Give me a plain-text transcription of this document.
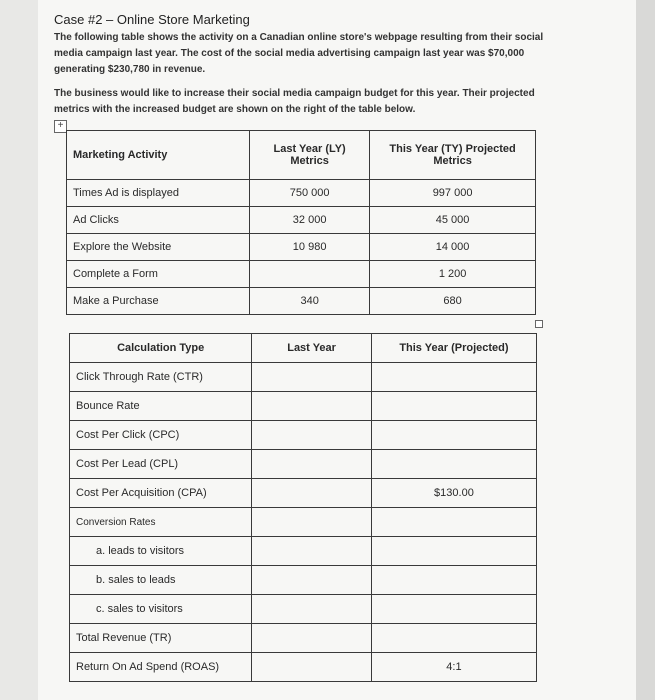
Case #2 – Online Store Marketing
The following table shows the activity on a Canadian online store's webpage resulting from their social
media campaign last year. The cost of the social media advertising campaign last year was $70,000
generating $230,780 in revenue.
The business would like to increase their social media campaign budget for this year. Their projected
metrics with the increased budget are shown on the right of the table below.
+
Marketing Activity	Last Year (LY) Metrics	This Year (TY) Projected Metrics
Times Ad is displayed	750 000	997 000
Ad Clicks	32 000	45 000
Explore the Website	10 980	14 000
Complete a Form		1 200
Make a Purchase	340	680
Calculation Type	Last Year	This Year (Projected)
Click Through Rate (CTR)		
Bounce Rate		
Cost Per Click (CPC)		
Cost Per Lead (CPL)		
Cost Per Acquisition (CPA)		$130.00
Conversion Rates		
a. leads to visitors		
b. sales to leads		
c. sales to visitors		
Total Revenue (TR)		
Return On Ad Spend (ROAS)		4:1
